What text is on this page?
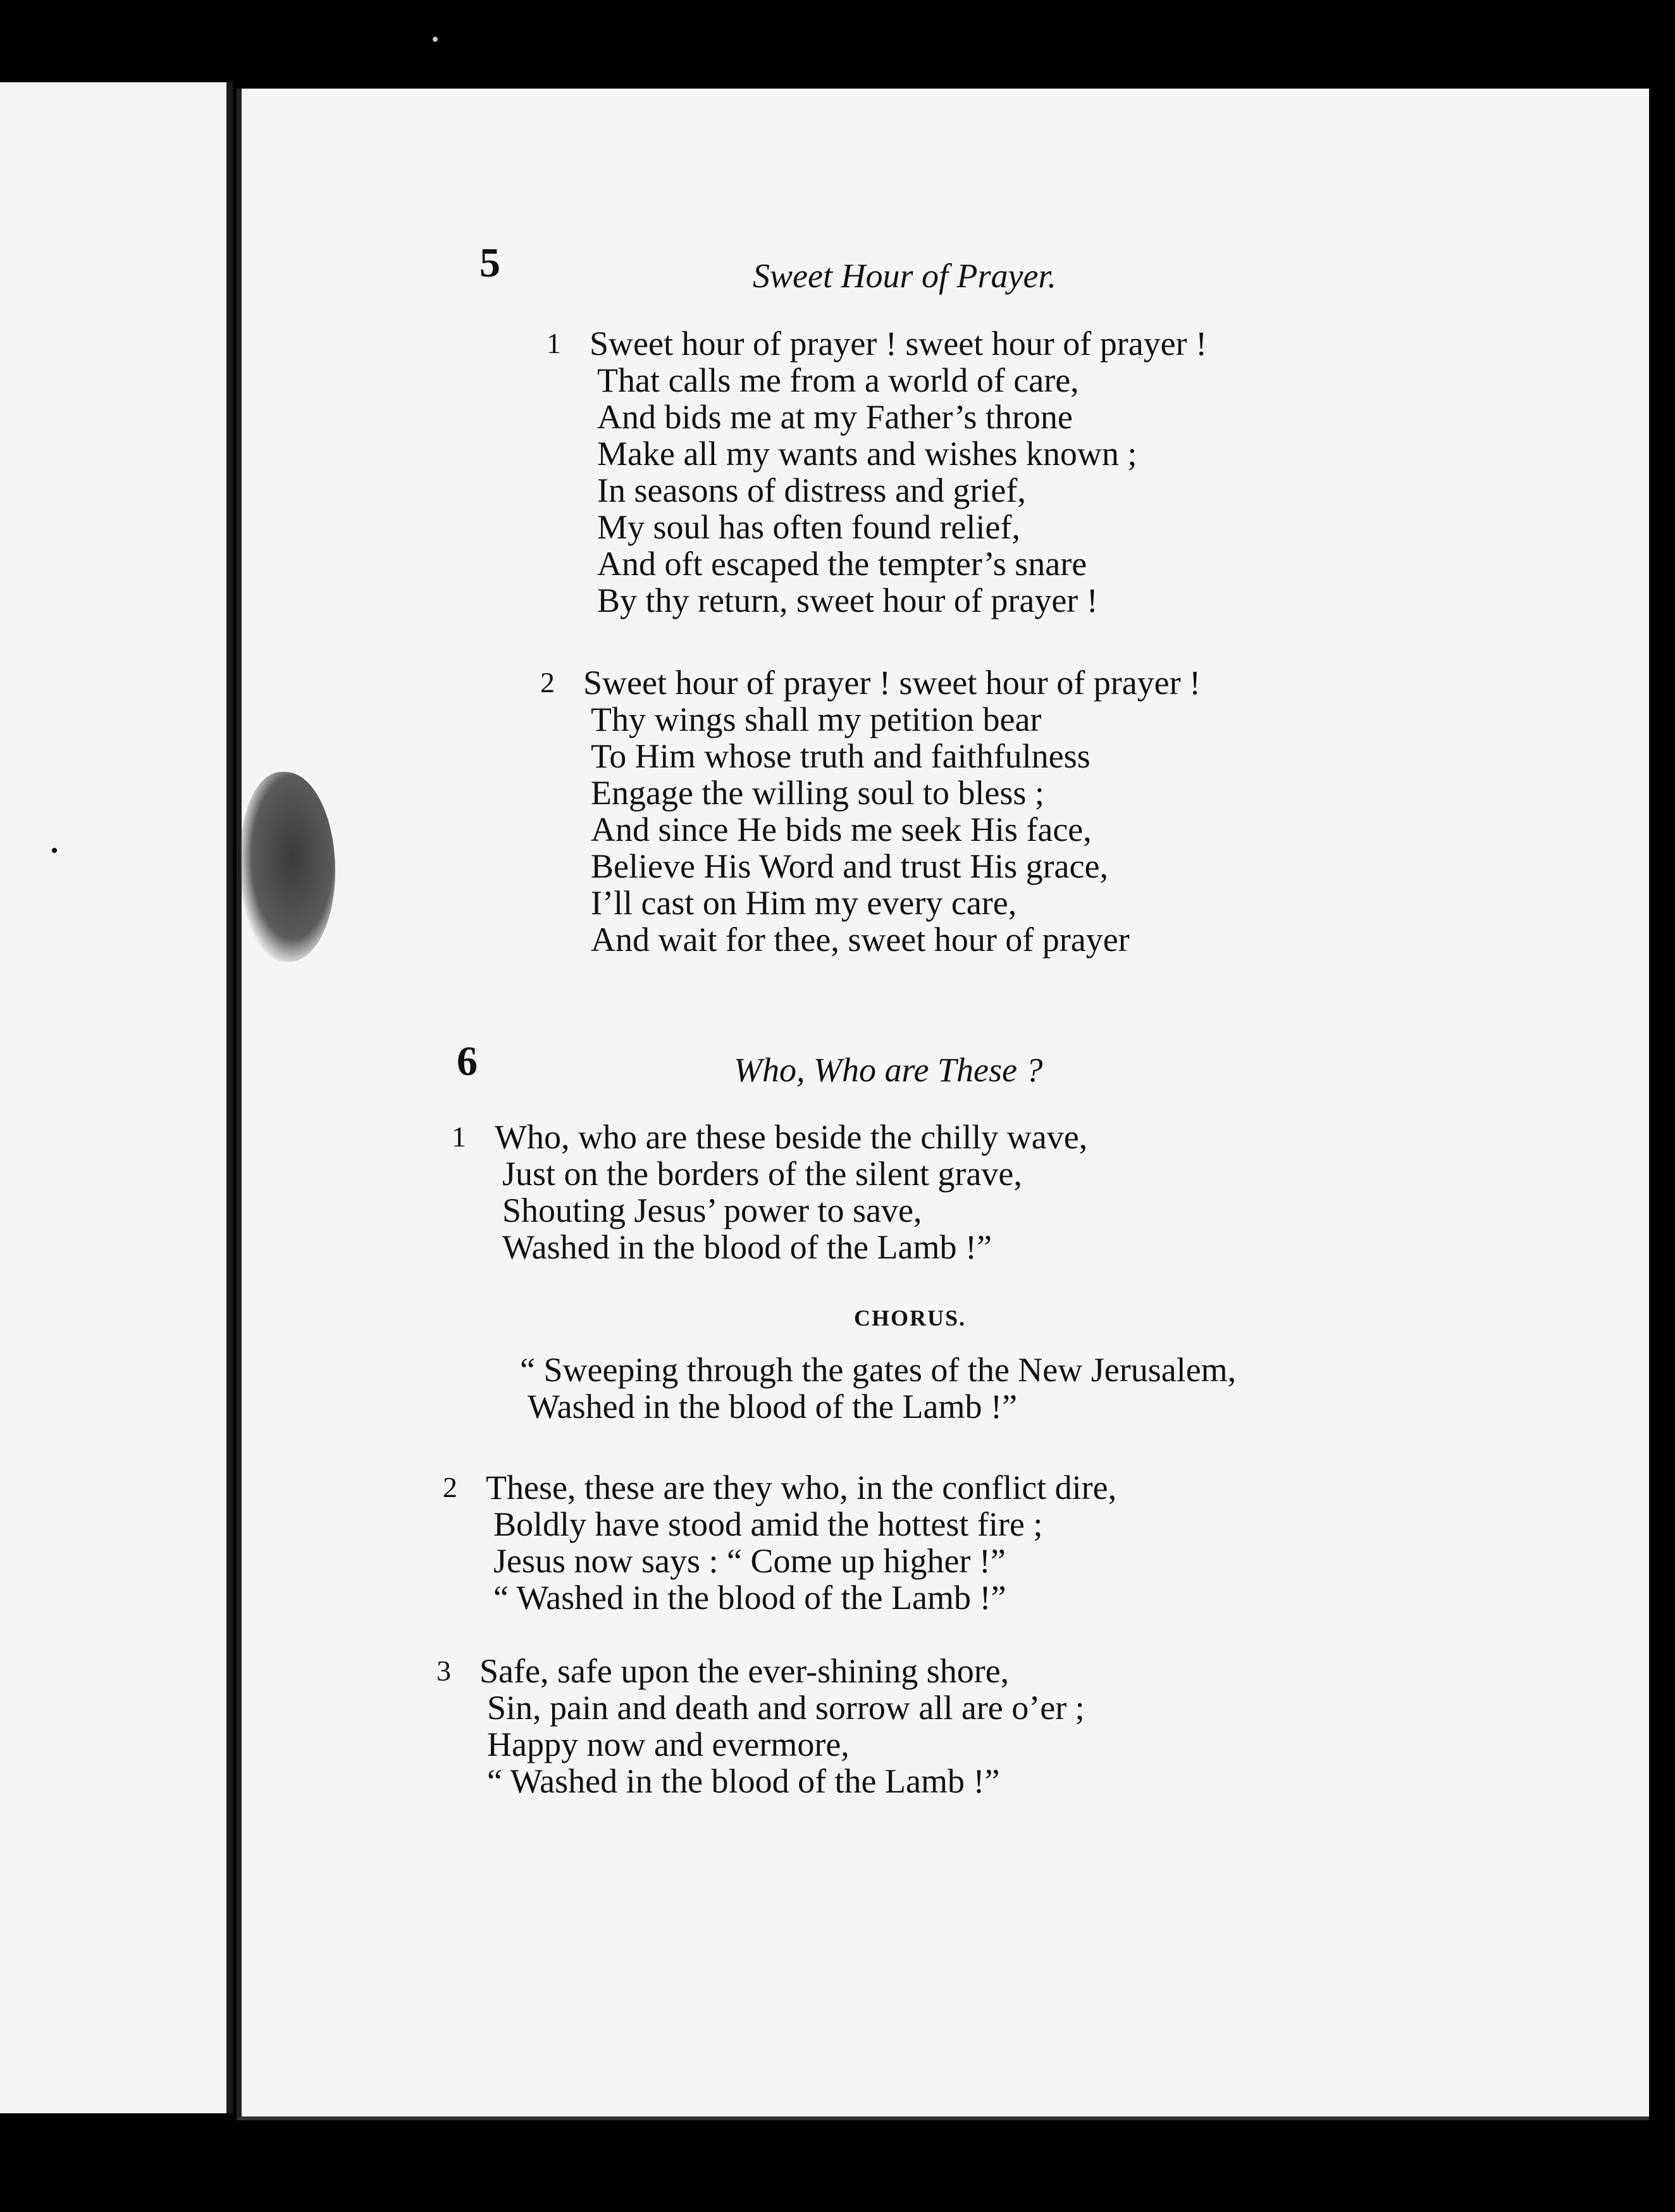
5	Sweet Hour of Prayer.
1 Sweet hour of prayer ! sweet hour of prayer !
That calls me from a world of care,
And bids me at my Father’s throne
Make all my wants and wishes known ;
In seasons of distress and grief,
My soul has often found relief,
And oft escaped the tempter’s snare
By thy return, sweet hour of prayer !
2 Sweet hour of prayer ! sweet hour of prayer !
Thy wings shall my petition bear
To Him whose truth and faithfulness
Engage the willing soul to bless ;
And since He bids me seek His face,
Believe His Word and trust His grace,
I’ll cast on Him my every care,
And wait for thee, sweet hour of prayer
6	Who, Who are These ?
1 Who, who are these beside the chilly wave,
Just on the borders of the silent grave,
Shouting Jesus’ power to save,
Washed in the blood of the Lamb !”
CHORUS.
“ Sweeping through the gates of the New Jerusalem,
Washed in the blood of the Lamb !”
2 These, these are they who, in the conflict dire,
Boldly have stood amid the hottest fire ;
Jesus now says : “ Come up higher !”
“ Washed in the blood of the Lamb !”
3 Safe, safe upon the ever-shining shore,
Sin, pain and death and sorrow all are o’er ;
Happy now and evermore,
“ Washed in the blood of the Lamb !”
